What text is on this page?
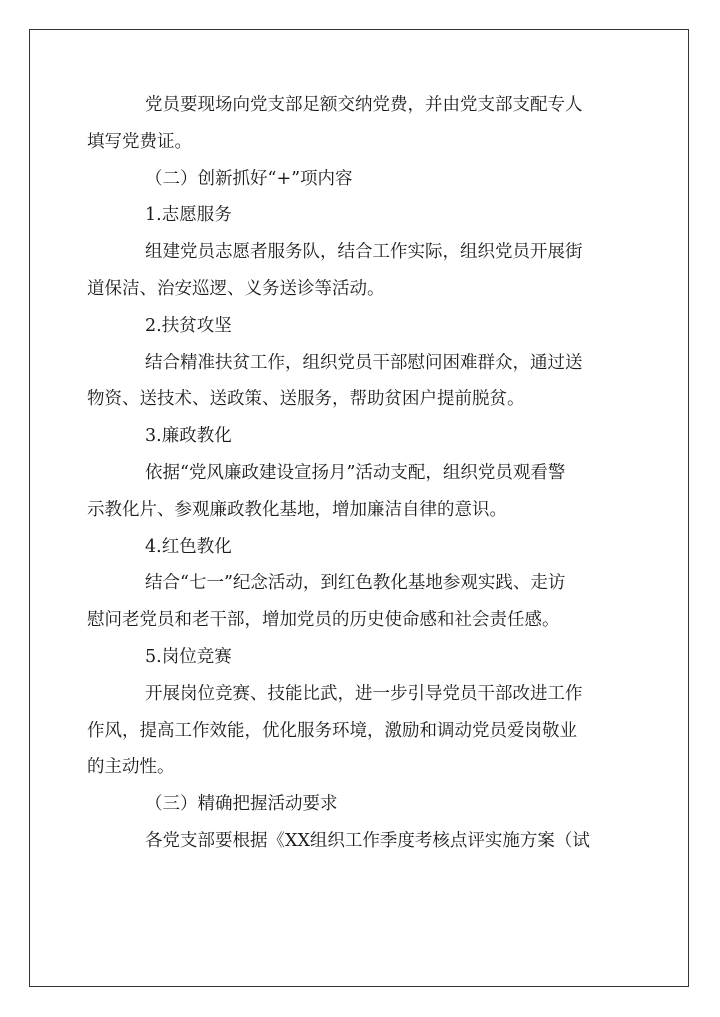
党员要现场向党支部足额交纳党费，并由党支部支配专人
填写党费证。
（二）创新抓好“+”项内容
1.志愿服务
组建党员志愿者服务队，结合工作实际，组织党员开展街
道保洁、治安巡逻、义务送诊等活动。
2.扶贫攻坚
结合精准扶贫工作，组织党员干部慰问困难群众，通过送
物资、送技术、送政策、送服务，帮助贫困户提前脱贫。
3.廉政教化
依据“党风廉政建设宣扬月”活动支配，组织党员观看警
示教化片、参观廉政教化基地，增加廉洁自律的意识。
4.红色教化
结合“七一”纪念活动，到红色教化基地参观实践、走访
慰问老党员和老干部，增加党员的历史使命感和社会责任感。
5.岗位竞赛
开展岗位竞赛、技能比武，进一步引导党员干部改进工作
作风，提高工作效能，优化服务环境，激励和调动党员爱岗敬业
的主动性。
（三）精确把握活动要求
各党支部要根据《XX组织工作季度考核点评实施方案（试
